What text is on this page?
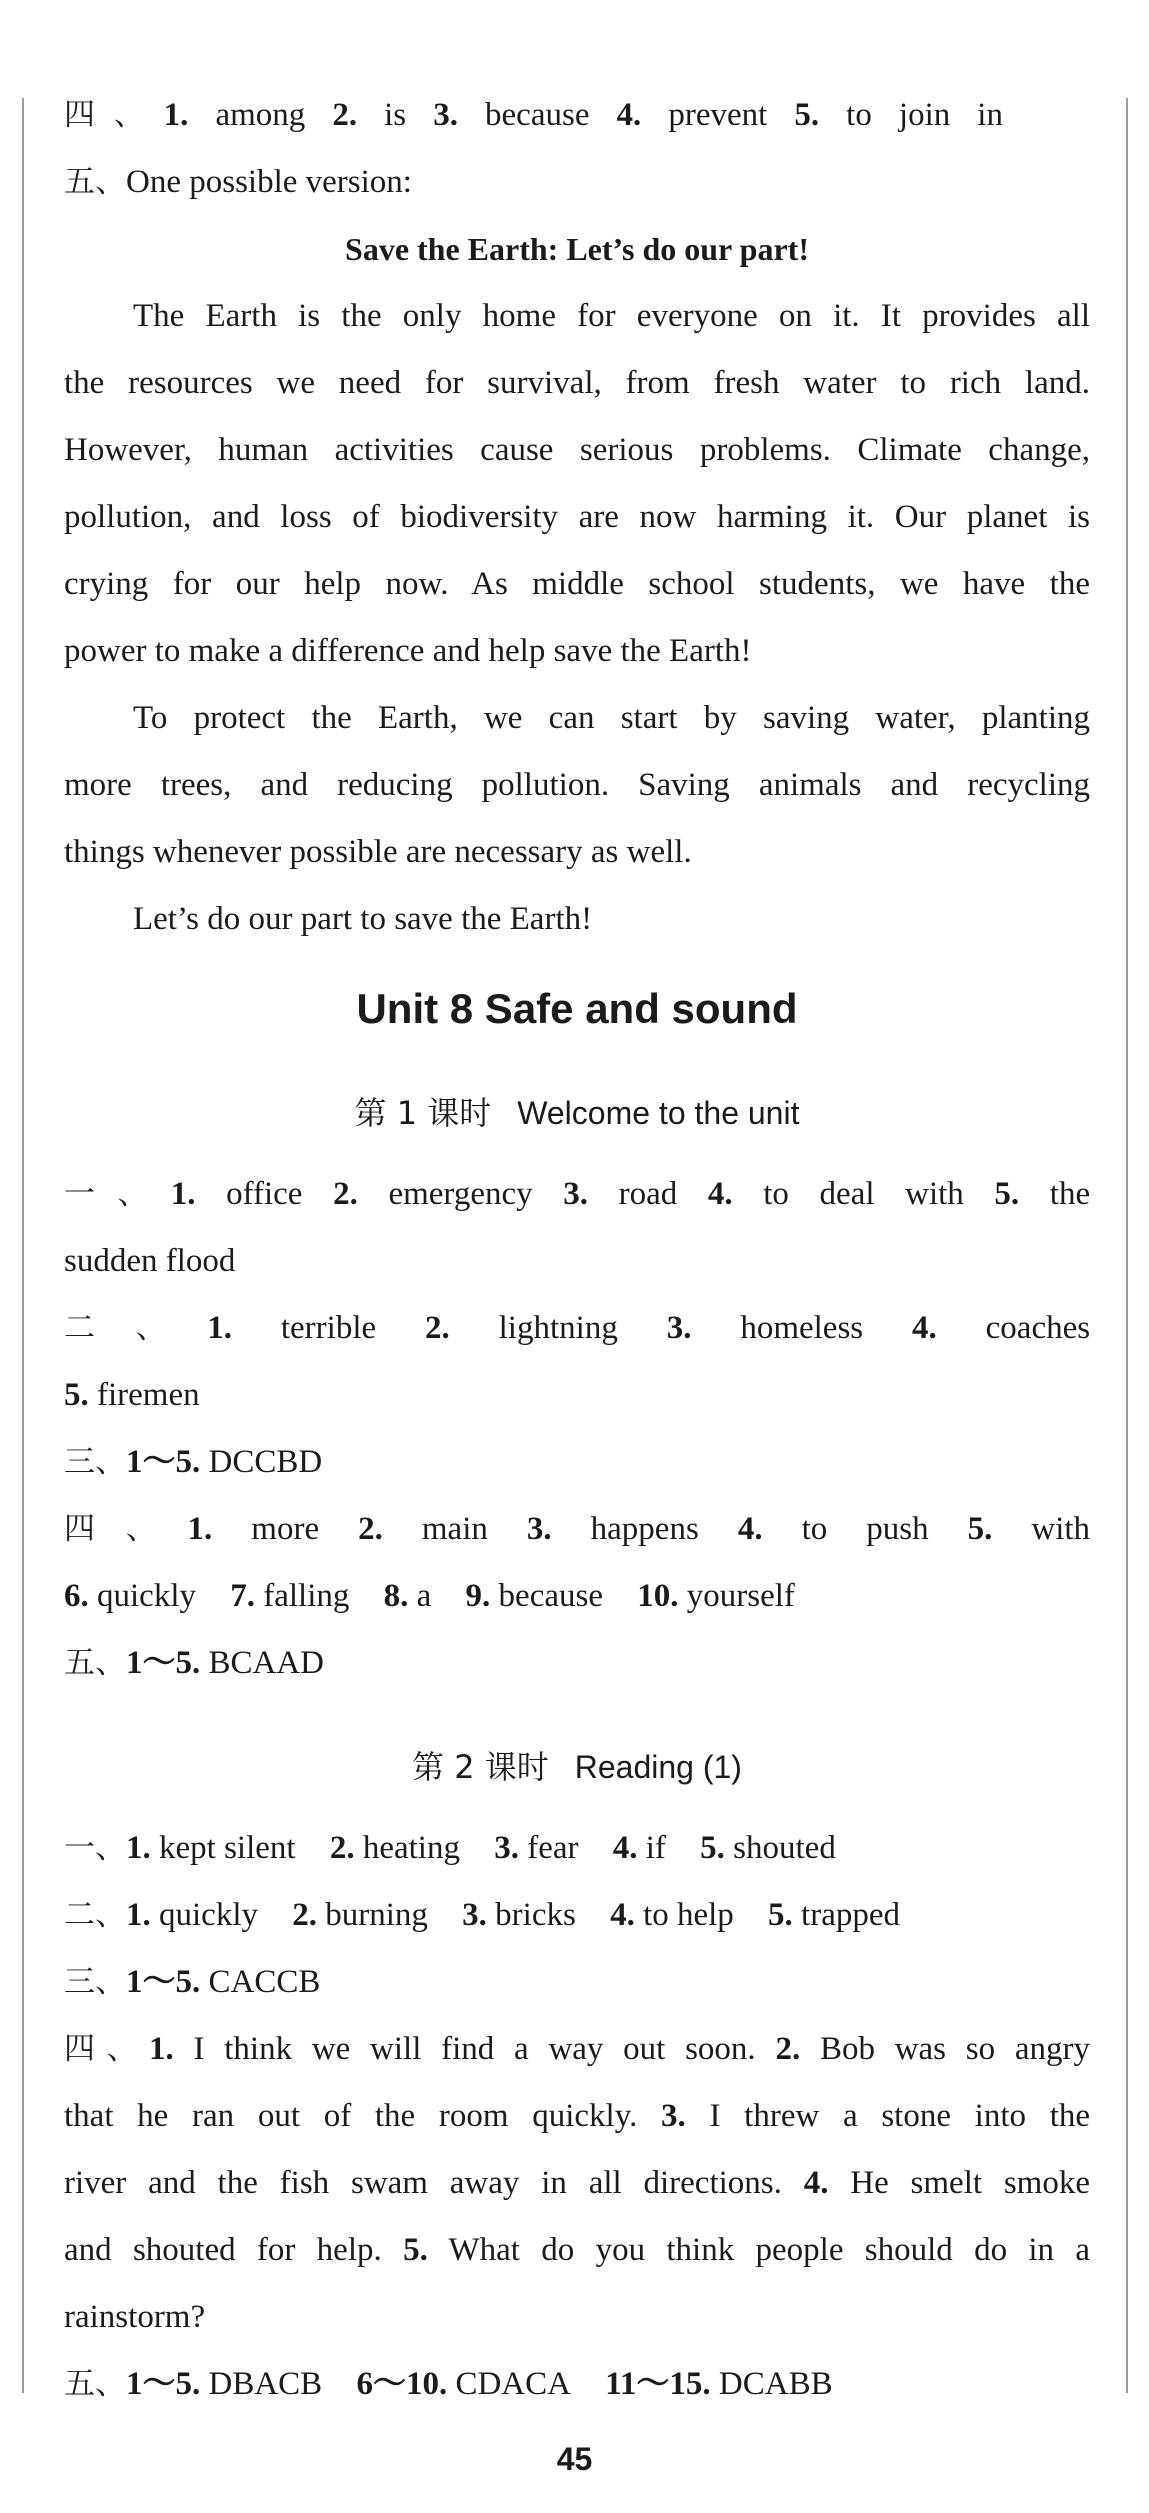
四、1. among 2. is 3. because 4. prevent 5. to join in
五、One possible version:
Save the Earth: Let’s do our part!
The Earth is the only home for everyone on it. It provides all
the resources we need for survival, from fresh water to rich land.
However, human activities cause serious problems. Climate change,
pollution, and loss of biodiversity are now harming it. Our planet is
crying for our help now. As middle school students, we have the
power to make a difference and help save the Earth!
To protect the Earth, we can start by saving water, planting
more trees, and reducing pollution. Saving animals and recycling
things whenever possible are necessary as well.
Let’s do our part to save the Earth!
Unit 8 Safe and sound
第 1 课时 Welcome to the unit
一、1. office 2. emergency 3. road 4. to deal with 5. the
sudden flood
二、1. terrible 2. lightning 3. homeless 4. coaches
5. firemen
三、1～5. DCCBD
四、1. more 2. main 3. happens 4. to push 5. with
6. quickly 7. falling 8. a 9. because 10. yourself
五、1～5. BCAAD
第 2 课时 Reading (1)
一、1. kept silent 2. heating 3. fear 4. if 5. shouted
二、1. quickly 2. burning 3. bricks 4. to help 5. trapped
三、1～5. CACCB
四、1. I think we will find a way out soon. 2. Bob was so angry
that he ran out of the room quickly. 3. I threw a stone into the
river and the fish swam away in all directions. 4. He smelt smoke
and shouted for help. 5. What do you think people should do in a
rainstorm?
五、1～5. DBACB 6～10. CDACA 11～15. DCABB
45
